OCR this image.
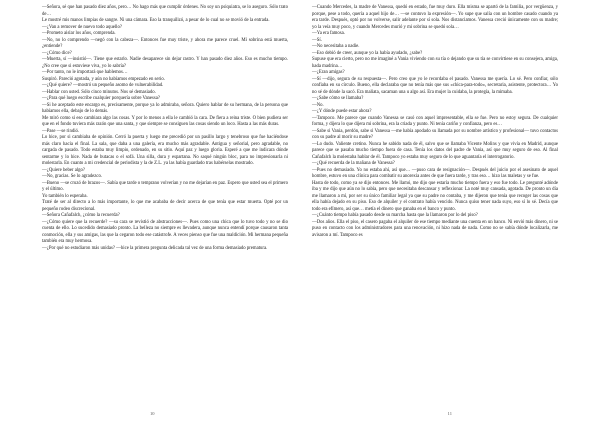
—Señora, sé que han pasado diez años, pero… No hago más que cumplir órdenes. No soy un psiquiatra, se lo aseguro. Sólo trato de…

Le mostré mis manos limpias de sangre. Ni una cámara. Eso la tranquilizó, a pesar de lo cual no se movió de la entrada.

—¿Van a remover de nuevo todo aquello?

—Prometo aislar los años, comprenda.

—No, no lo comprendo —negó con la cabeza—. Entonces fue muy triste, y ahora me parece cruel. Mi sobrina está muerta, ¿entiende?

—¿Cómo dice?

—Muerta, sí —insistió—. Tiene que estarlo. Nadie desaparece sin dejar rastro. Y han pasado diez años. Eso es mucho tiempo. ¿No cree que si estuviese viva, yo lo sabría?

—Por tanto, no le importará que hablemos…

Suspiró. Pareció agotada, y aún no habíamos empezado en serio.

—¿Qué quiere? —mostró un pequeño asomo de vulnerabilidad.

—Hablar con usted. Sólo cinco minutos. Nos sé demasiado.

—¿Para qué luego escribe cualquier porquería sobre Vanessa?

—Si he aceptado este encargo es, precisamente, porque ya lo admiraba, señora. Quiero hablar de su hermana, de la persona que habíamos ella, debajo de lo demás.

Me miró como si eso cambiara algo las cosas. Y por lo menos a ella le cambió la cara. De fiera a reina triste. O bien pudiera ser que en el fondo tuviera más razón que una santa, y que siempre se consiguen las cosas siendo un loco. Hasta a las más duras.

—Pase —se rindió.

Lo hice, por si cambiaba de opinión. Cerró la puerta y luego me precedió por un pasillo largo y tenebroso que fue haciéndose más claro hacia el final. La sala, que daba a una galería, era mucho más agradable. Antigua y señorial, pero agradable, no cargada de pasado. Todo estaba muy limpio, ordenado, en su sitio. Aquí paz y luego gloria. Esperé a que me indicara dónde sentarme y lo hice. Nada de butacas o el sofá. Una silla, dura y espartana. No saqué ningún bloc, para no impresionarla ni molestarla. En cuanto a mi credencial de periodista y la de Z.L. ya las había guardado tras habérselas mostrado.

—¿Quiere beber algo?

—No, gracias. Se lo agradezco.

—Bueno —se cruzó de brazos—. Sabía que tarde o temprano volverían y no me dejarían en paz. Espero que usted sea el primero y el último.

Yo también lo esperaba.

Traté de ser al directo a lo más importante, lo que me acababa de decir acerca de que tenía que estar muerta. Opté por un pequeño rodeo discrecional.

—Señora Cañafalch, ¿cómo la recuerda?

—¿Cómo quiere que la recuerde? —su cara se revistió de abstracciones—. Pues como una chica que lo tuvo todo y no se dio cuenta de ello. Lo sucedido demasiado pronto. La belleza no siempre es llevadera, aunque nunca entendí porque causaron tanta conmoción, ella y sus amigas, las que la cegaron todo ese catástrofe. A veces pienso que fue una maldición. Mi hermana pequeña también era muy hermosa.

—¿Por qué no estudiaron más unidas? —hice la primera pregunta delicada tal vez de una forma demasiado prematura.

10

—Cuando Mercedes, la madre de Vanessa, quedó en estado, fue muy duro. Ella misma se apartó de la familia, por vergüenza, y porque, pese a todo, quería a aquel hijo de… —se contuvo la expresión—. Yo supe que salía con un hombre casado cuando ya era tarde. Después, optó por no volverse, salir adelante por sí sola. Nos distanciamos. Vanessa creció únicamente con su madre; yo la veía muy poco, y cuando Mercedes murió y mi sobrina se quedó sola…

—Ya era famosa.

—Sí.

—No necesitaba a nadie.

—Eso debió de creer, aunque yo la había ayudado, ¿sabe?

Supuse que era cierto, pero no me imaginé a Vania viviendo con su tía o dejando que su tía se convirtiese en su consejera, amiga, hada madrina…

—¿Eran amigas?

—Sí —dijo, segura de su respuesta—. Pero creo que yo le recordaba el pasado. Vanessa me quería. Lo sé. Pero confiar, sólo confiaba en su círculo. Bueno, ella declaraba que no tenía más que sus «chica-para-todo», secretaria, asistente, protectora… Yo no sé de dónde la sacó. Era maliata, sacaman una u algo así. Era mujer la cuidaba, la protegía, la mimaba.

—¿Sabe cómo se llamaba?

—No.

—¿Y dónde puede estar ahora?

—Tampoco. Me parece que cuando Vanessa se casó con aquel impresentable, ella se fue. Pero no estoy segura. De cualquier forma, y dijera lo que dijera mi sobrina, era la criada y punto. Ni tenía cariño y confianza, pero es…

—Sabe si Vania, perdón, sabe si Vanessa —me había apodado su llamada por su nombre artístico y profesional— tuvo contactos con su padre al morir su madre?

—Lo dudo. Valiente cretino. Nunca he sabido nada de él, salvo que se llamaba Vicente Molins y que vivía en Madrid, aunque parece que se pasaba mucho tiempo fuera de casa. Tenía los datos del padre de Vania, así que muy seguro de eso. Al final Cañafalch la molestaba hablar de él. Tampoco yo estaba muy seguro de lo que aguantaría el interrogatorio.

—¿Qué recuerda de la mañana de Vanessa?

—Pues no demasiado. Yo no estaba ahí, así que… —puso cara de resignación—. Después del juicio por el asesinato de aquel hombre, estuvo en una clínica para combatir su anorexia antes de que fuera tarde, y tras eso… hizo las maletas y se fue.

Hasta de todo, como ya se dijo entonces. Me llamó, me dijo que estaría mucho tiempo fuera y eso fue todo. Le pregunté adónde iba y me dijo que aún no lo sabía, pero que necesitaba descansar y reflexionar. La noté muy cansada, agotada. De pronto un día me llamaron a mí, por ser su único familiar legal ya que su padre no contaba, y me dijeron que tenía que recoger las cosas que ella había dejado en su piso. Eso de alquiler y el contrato había vencido. Nunca quiso tener nada suyo, eso sí lo sé. Decía que todo era efímero, así que… metía el dinero que ganaba en el banco y punto.

—¿Cuánto tiempo había pasado desde su marcha hasta que la llamaron por lo del piso?

—Dos años. Ella el piso, el casero pagaba el alquiler de ese tiempo mediante una cuenta en un banco. Ni envió más dinero, ni se puso en contacto con los administradores para una renovación, ni hizo nada de nada. Como no se sabía dónde localizarla, me avisaron a mí. Tampoco es

11
